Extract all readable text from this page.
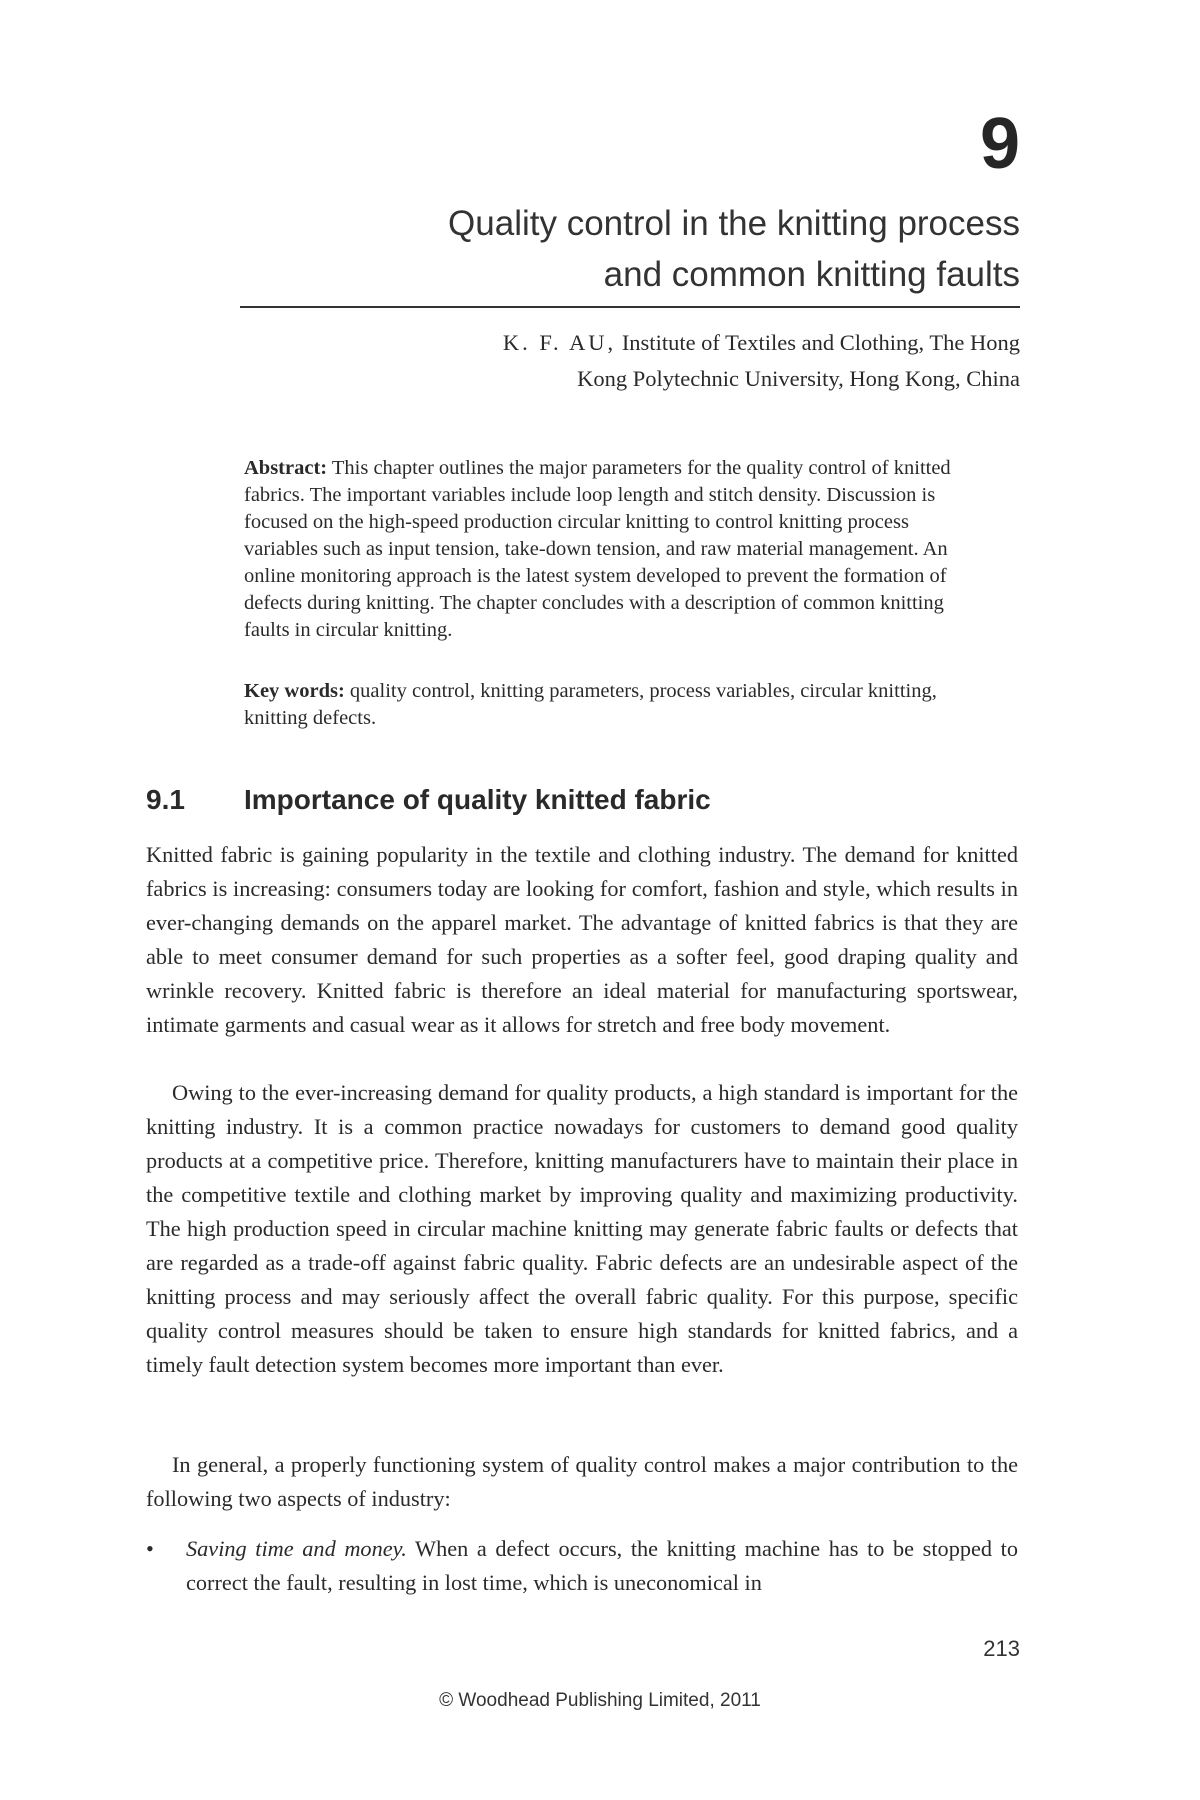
9
Quality control in the knitting process
and common knitting faults
K. F. AU, Institute of Textiles and Clothing, The Hong
Kong Polytechnic University, Hong Kong, China

Abstract: This chapter outlines the major parameters for the quality control of knitted fabrics. The important variables include loop length and stitch density. Discussion is focused on the high-speed production circular knitting to control knitting process variables such as input tension, take-down tension, and raw material management. An online monitoring approach is the latest system developed to prevent the formation of defects during knitting. The chapter concludes with a description of common knitting faults in circular knitting.

Key words: quality control, knitting parameters, process variables, circular knitting, knitting defects.

9.1 Importance of quality knitted fabric

Knitted fabric is gaining popularity in the textile and clothing industry. The demand for knitted fabrics is increasing: consumers today are looking for comfort, fashion and style, which results in ever-changing demands on the apparel market. The advantage of knitted fabrics is that they are able to meet consumer demand for such properties as a softer feel, good draping quality and wrinkle recovery. Knitted fabric is therefore an ideal material for manufacturing sportswear, intimate garments and casual wear as it allows for stretch and free body movement.

Owing to the ever-increasing demand for quality products, a high standard is important for the knitting industry. It is a common practice nowadays for customers to demand good quality products at a competitive price. Therefore, knitting manufacturers have to maintain their place in the competitive textile and clothing market by improving quality and maximizing productivity. The high production speed in circular machine knitting may generate fabric faults or defects that are regarded as a trade-off against fabric quality. Fabric defects are an undesirable aspect of the knitting process and may seriously affect the overall fabric quality. For this purpose, specific quality control measures should be taken to ensure high standards for knitted fabrics, and a timely fault detection system becomes more important than ever.

In general, a properly functioning system of quality control makes a major contribution to the following two aspects of industry:

•	Saving time and money. When a defect occurs, the knitting machine has to be stopped to correct the fault, resulting in lost time, which is uneconomical in
213
© Woodhead Publishing Limited, 2011
